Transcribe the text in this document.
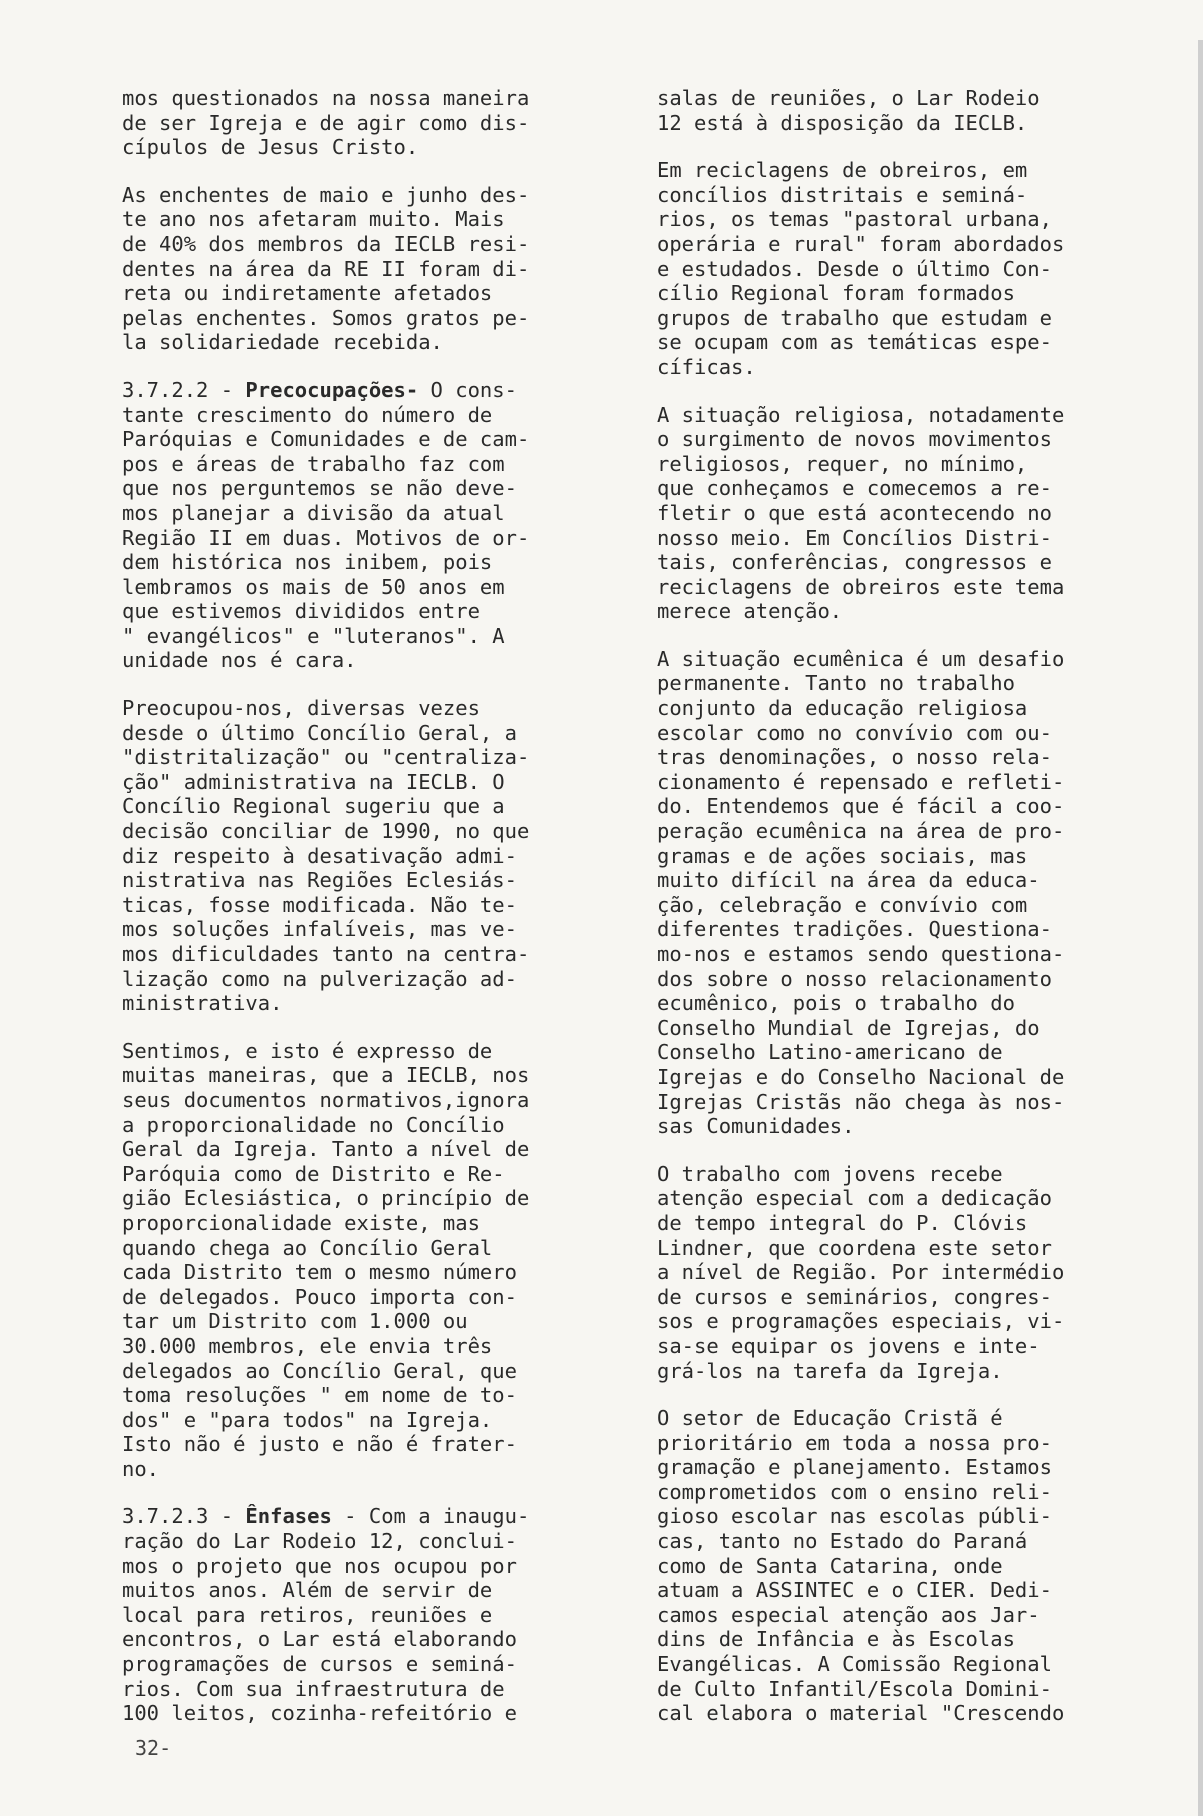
mos questionados na nossa maneira
de ser Igreja e de agir como dis-
cípulos de Jesus Cristo.

As enchentes de maio e junho des-
te ano nos afetaram muito. Mais
de 40% dos membros da IECLB resi-
dentes na área da RE II foram di-
reta ou indiretamente afetados
pelas enchentes. Somos gratos pe-
la solidariedade recebida.

3.7.2.2 - Precocupações- O cons-
tante crescimento do número de
Paróquias e Comunidades e de cam-
pos e áreas de trabalho faz com
que nos perguntemos se não deve-
mos planejar a divisão da atual
Região II em duas. Motivos de or-
dem histórica nos inibem, pois
lembramos os mais de 50 anos em
que estivemos divididos entre
" evangélicos" e "luteranos". A
unidade nos é cara.

Preocupou-nos, diversas vezes
desde o último Concílio Geral, a
"distritalização" ou "centraliza-
ção" administrativa na IECLB. O
Concílio Regional sugeriu que a
decisão conciliar de 1990, no que
diz respeito à desativação admi-
nistrativa nas Regiões Eclesiás-
ticas, fosse modificada. Não te-
mos soluções infalíveis, mas ve-
mos dificuldades tanto na centra-
lização como na pulverização ad-
ministrativa.

Sentimos, e isto é expresso de
muitas maneiras, que a IECLB, nos
seus documentos normativos,ignora
a proporcionalidade no Concílio
Geral da Igreja. Tanto a nível de
Paróquia como de Distrito e Re-
gião Eclesiástica, o princípio de
proporcionalidade existe, mas
quando chega ao Concílio Geral
cada Distrito tem o mesmo número
de delegados. Pouco importa con-
tar um Distrito com 1.000 ou
30.000 membros, ele envia três
delegados ao Concílio Geral, que
toma resoluções " em nome de to-
dos" e "para todos" na Igreja.
Isto não é justo e não é frater-
no.

3.7.2.3 - Ênfases - Com a inaugu-
ração do Lar Rodeio 12, conclui-
mos o projeto que nos ocupou por
muitos anos. Além de servir de
local para retiros, reuniões e
encontros, o Lar está elaborando
programações de cursos e seminá-
rios. Com sua infraestrutura de
100 leitos, cozinha-refeitório e

salas de reuniões, o Lar Rodeio
12 está à disposição da IECLB.

Em reciclagens de obreiros, em
concílios distritais e seminá-
rios, os temas "pastoral urbana,
operária e rural" foram abordados
e estudados. Desde o último Con-
cílio Regional foram formados
grupos de trabalho que estudam e
se ocupam com as temáticas espe-
cíficas.

A situação religiosa, notadamente
o surgimento de novos movimentos
religiosos, requer, no mínimo,
que conheçamos e comecemos a re-
fletir o que está acontecendo no
nosso meio. Em Concílios Distri-
tais, conferências, congressos e
reciclagens de obreiros este tema
merece atenção.

A situação ecumênica é um desafio
permanente. Tanto no trabalho
conjunto da educação religiosa
escolar como no convívio com ou-
tras denominações, o nosso rela-
cionamento é repensado e refleti-
do. Entendemos que é fácil a coo-
peração ecumênica na área de pro-
gramas e de ações sociais, mas
muito difícil na área da educa-
ção, celebração e convívio com
diferentes tradições. Questiona-
mo-nos e estamos sendo questiona-
dos sobre o nosso relacionamento
ecumênico, pois o trabalho do
Conselho Mundial de Igrejas, do
Conselho Latino-americano de
Igrejas e do Conselho Nacional de
Igrejas Cristãs não chega às nos-
sas Comunidades.

O trabalho com jovens recebe
atenção especial com a dedicação
de tempo integral do P. Clóvis
Lindner, que coordena este setor
a nível de Região. Por intermédio
de cursos e seminários, congres-
sos e programações especiais, vi-
sa-se equipar os jovens e inte-
grá-los na tarefa da Igreja.

O setor de Educação Cristã é
prioritário em toda a nossa pro-
gramação e planejamento. Estamos
comprometidos com o ensino reli-
gioso escolar nas escolas públi-
cas, tanto no Estado do Paraná
como de Santa Catarina, onde
atuam a ASSINTEC e o CIER. Dedi-
camos especial atenção aos Jar-
dins de Infância e às Escolas
Evangélicas. A Comissão Regional
de Culto Infantil/Escola Domini-
cal elabora o material "Crescendo

32-
